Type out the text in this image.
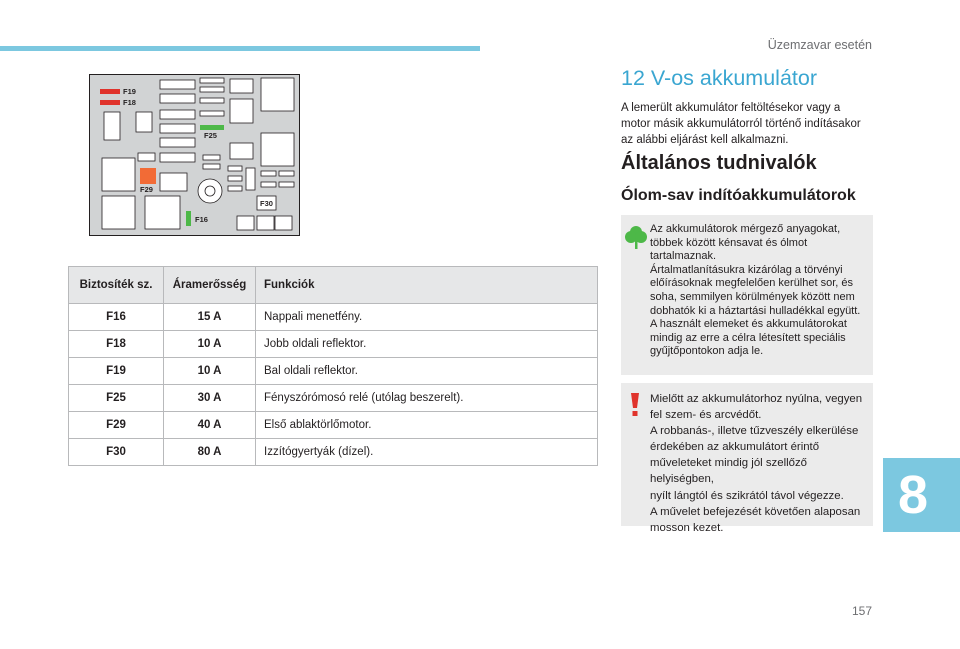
Üzemzavar esetén
F19
F18
F25
F29
F30
F16
Biztosíték sz.	Áramerősség	Funkciók
F16	15 A	Nappali menetfény.
F18	10 A	Jobb oldali reflektor.
F19	10 A	Bal oldali reflektor.
F25	30 A	Fényszórómosó relé (utólag beszerelt).
F29	40 A	Első ablaktörlőmotor.
F30	80 A	Izzítógyertyák (dízel).
12 V-os akkumulátor

A lemerült akkumulátor feltöltésekor vagy a motor másik akkumulátorról történő indításakor az alábbi eljárást kell alkalmazni.

Általános tudnivalók
Ólom-sav indítóakkumulátorok

Az akkumulátorok mérgező anyagokat,
többek között kénsavat és ólmot
tartalmaznak.
Ártalmatlanításukra kizárólag a törvényi
előírásoknak megfelelően kerülhet sor, és
soha, semmilyen körülmények között nem
dobhatók ki a háztartási hulladékkal együtt.
A használt elemeket és akkumulátorokat
mindig az erre a célra létesített speciális
gyűjtőpontokon adja le.

Mielőtt az akkumulátorhoz nyúlna, vegyen
fel szem- és arcvédőt.
A robbanás-, illetve tűzveszély elkerülése
érdekében az akkumulátort érintő
műveleteket mindig jól szellőző helyiségben,
nyílt lángtól és szikrától távol végezze.
A művelet befejezését követően alaposan
mosson kezet.

8
157
